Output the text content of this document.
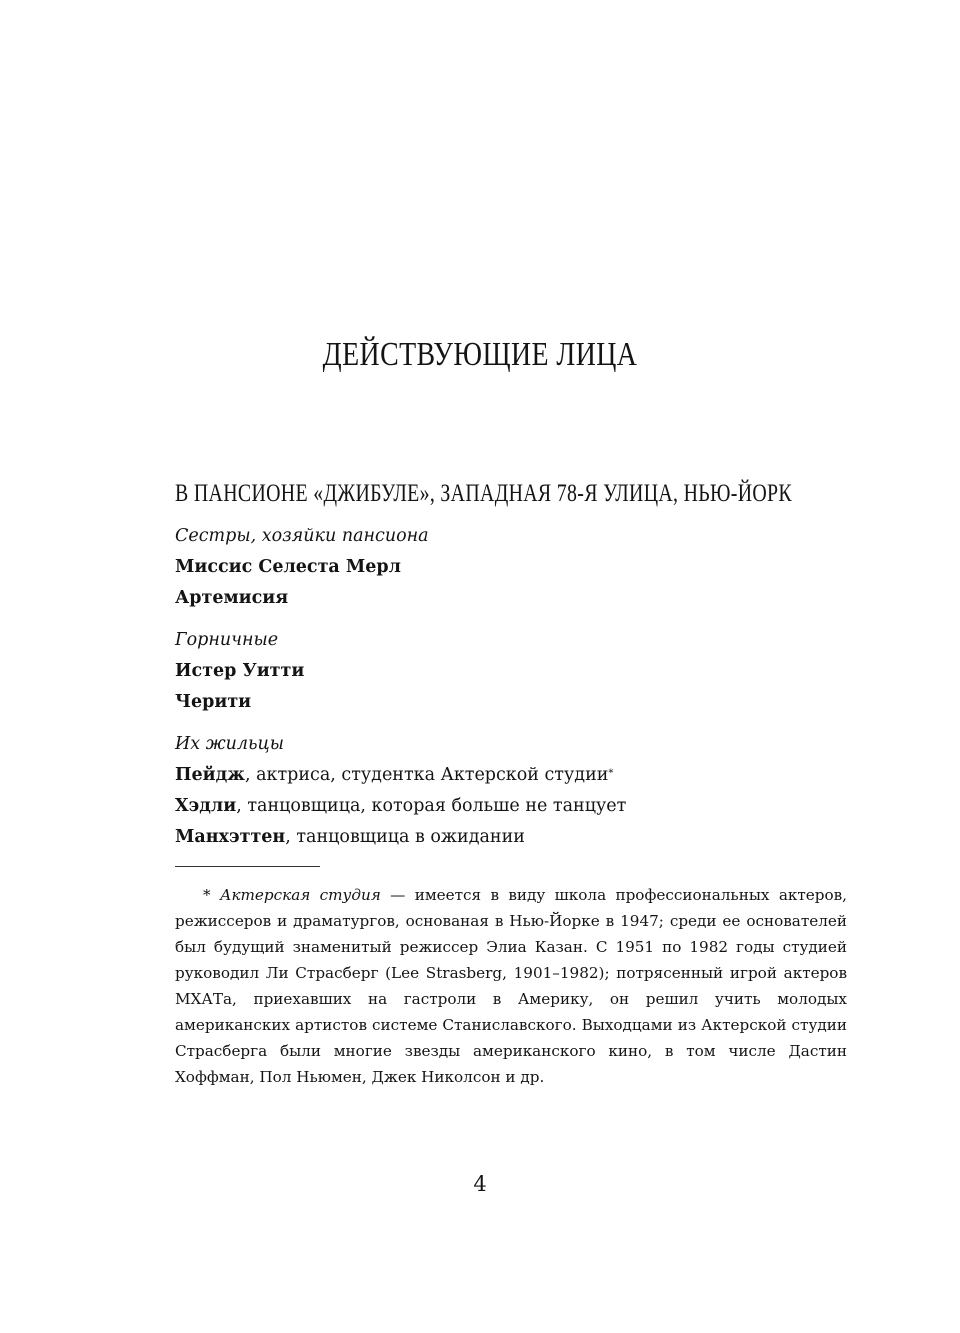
ДЕЙСТВУЮЩИЕ ЛИЦА
В ПАНСИОНЕ «ДЖИБУЛЕ», ЗАПАДНАЯ 78-Я УЛИЦА, НЬЮ-ЙОРК

Сестры, хозяйки пансиона

Миссис Селеста Мерл

Артемисия

Горничные

Истер Уитти

Черити

Их жильцы

Пейдж, актриса, студентка Актерской студии*

Хэдли, танцовщица, которая больше не танцует

Манхэттен, танцовщица в ожидании

* Актерская студия — имеется в виду школа профессиональных актеров, режиссеров и драматургов, основаная в Нью-Йорке в 1947; среди ее основателей был будущий знаменитый режиссер Элиа Казан. С 1951 по 1982 годы студией руководил Ли Страсберг (Lee Strasberg, 1901–1982); потрясенный игрой актеров МХАТа, приехавших на гастроли в Америку, он решил учить молодых американских артистов системе Станиславского. Выходцами из Актерской студии Страсберга были многие звезды американского кино, в том числе Дастин Хоффман, Пол Ньюмен, Джек Николсон и др.

4
